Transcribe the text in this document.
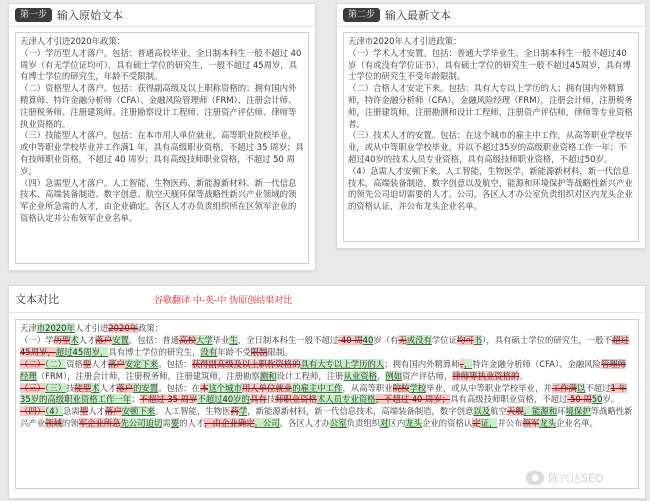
第一步 输入原始文本

天津人才引进2020年政策：

（一）学历型人才落户。包括：普通高校毕业，全日制本科生一般不超过 40 周岁（有无学位证均可），具有硕士学位的研究生，一般不超过 45周岁，具有博士学位的研究生，年龄不受限制。

（二）资格型人才落户。包括：获得副高级及以上职称资格的；拥有国内外精算师、特许金融分析师（CFA）、金融风险管理师（FRM）、注册会计师、注册税务师、注册建筑师、注册勘察设计工程师、注册资产评估师、律师等执业资格的。

（三）技能型人才落户。包括：在本市用人单位就业，高等职业院校毕业，或中等职业学校毕业并工作满1 年，具有高级职业资格，不超过 35 周岁；具有技师职业资格，不超过 40 周岁；具有高级技师职业资格，不超过 50 周岁。

（四）急需型人才落户。人工智能、生物医药、新能源新材料、新一代信息技术、高端装备制造、数字创意、航空天舰环保等战略性新兴产业领域的领军企业所急需的人才，由企业确定。各区人才办负责组织所在区领军企业的资格认定并公布领军企业名单。

第二步 输入最新文本

天津市2020年人才引进政策：

（一）学术人才安置。包括：普通大学毕业生，全日制本科生一般不超过40岁（有或没有学位证书），具有硕士学位的研究生一般不超过45周岁，具有博士学位的研究生不受年龄限制。

（二）合格人才安定下来。包括：具有大专以上学历的人；拥有国内外精算师，特许金融分析师（CFA），金融风险经理（FRM），注册会计师，注册税务师，注册建筑师，注册勘测和设计工程师，注册资产评估师，律师等专业资格者。

（三）技术人才的安置。包括：在这个城市的雇主中工作，从高等职业学校毕业，或从中等职业学校毕业，并以不超过35岁的高级职业资格工作一年；不超过40岁的技术人员专业资格，具有高级技师职业资格，不超过50岁。

（4）急需人才安顿下来。人工智能，生物医学，新能源新材料，新一代信息技术，高端装备制造，数字创意以及航空，能源和环境保护等战略性新兴产业的领先公司迫切需要的人才。公司。各区人才办公室负责组织对区内龙头企业的资格认证，并公布龙头企业名单。

文本对比	谷歌翻译 中-英-中 伪原创结果对比

天津市2020年人才引进2020年政策：

（一）学历型术人才落户安置。包括：普通高校大学毕业生，全日制本科生一般不超过 40 周40岁（有无或没有学位证均可书），具有硕士学位的研究生，一般不超过 45周岁，超过45周岁，具有博士学位的研究生，没有年龄不受限制限制。

（二）（二）资格型人才落户安定下来。包括：获得副高级及以上职称资格的具有大专以上学历的人；拥有国内外精算师、，特许金融分析师（CFA）、金融风险管理师经理（FRM），注册会计师，注册税务师，注册建筑师，注册勘察测和设计工程师，注册从业资格，例如资产评估师，律师等执业资格的。

（三）（三）技能型术人才落户的安置。包括：在本这个城市用人单位就业的雇主中工作，从高等职业院校学校毕业，或从中等职业学校毕业，并工作满以不超过1 年35岁的高级职业资格工作一年；不超过 35 周岁不超过40岁的具有技师职业资格术人员专业资格，不超过 40 周岁；具有高级技师职业资格，不超过 50 周50岁。

（四）（4）急需型人才落户安顿下来。人工智能，生物医药学，新能源新材料，新一代信息技术，高端装备制造，数字创意以及航空天舰，能源和环境保护等战略性新兴产业领域的领军企业所急先公司迫切需要的人才，由企业确定。公司。各区人才办公室负责组织对区内龙头企业的资格认定证，并公布领军龙头企业名单。

● 陈兴达SEO
